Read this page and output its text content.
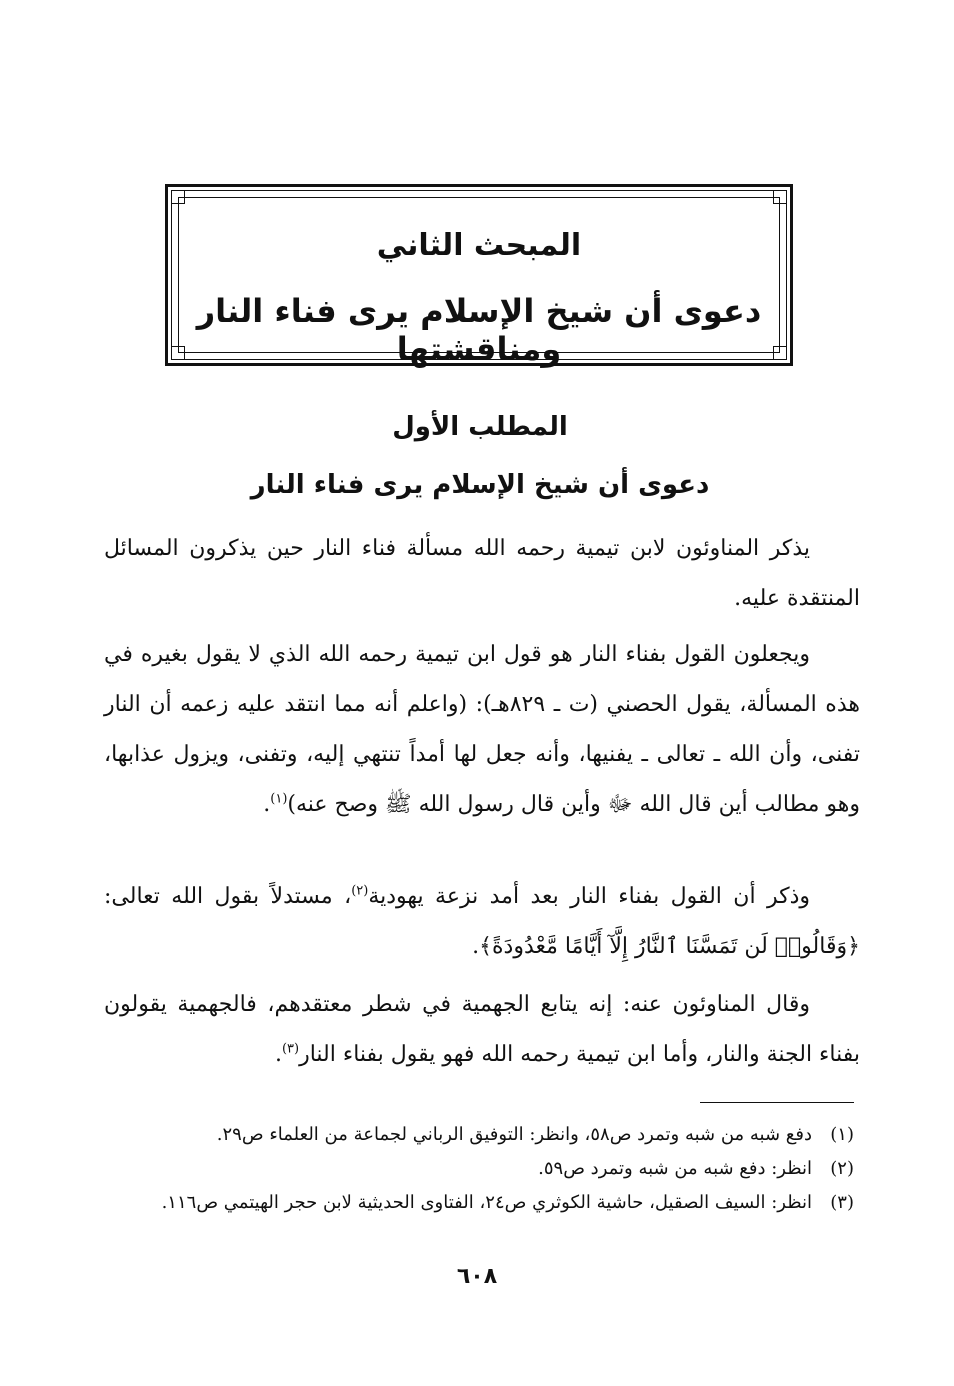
المبحث الثاني
دعوى أن شيخ الإسلام يرى فناء النار ومناقشتها
المطلب الأول
دعوى أن شيخ الإسلام يرى فناء النار
يذكر المناوئون لابن تيمية رحمه الله مسألة فناء النار حين يذكرون المسائل المنتقدة عليه.
ويجعلون القول بفناء النار هو قول ابن تيمية رحمه الله الذي لا يقول بغيره في هذه المسألة، يقول الحصني (ت ـ ٨٢٩هـ): (واعلم أنه مما انتقد عليه زعمه أن النار تفنى، وأن الله ـ تعالى ـ يفنيها، وأنه جعل لها أمداً تنتهي إليه، وتفنى، ويزول عذابها، وهو مطالب أين قال الله ﷻ وأين قال رسول الله ﷺ وصح عنه)$^{(١)}$.
وذكر أن القول بفناء النار بعد أمد نزعة يهودية$^{(٢)}$، مستدلاً بقول الله تعالى: ﴿وَقَالُوا۟ لَن تَمَسَّنَا ٱلنَّارُ إِلَّآ أَيَّامًا مَّعْدُودَةً﴾.
وقال المناوئون عنه: إنه يتابع الجهمية في شطر معتقدهم، فالجهمية يقولون بفناء الجنة والنار، وأما ابن تيمية رحمه الله فهو يقول بفناء النار$^{(٣)}$.
(١)
دفع شبه من شبه وتمرد ص٥٨، وانظر: التوفيق الرباني لجماعة من العلماء ص٢٩.
(٢)
انظر: دفع شبه من شبه وتمرد ص٥٩.
(٣)
انظر: السيف الصقيل، حاشية الكوثري ص٢٤، الفتاوى الحديثية لابن حجر الهيتمي ص١١٦.
٦٠٨
